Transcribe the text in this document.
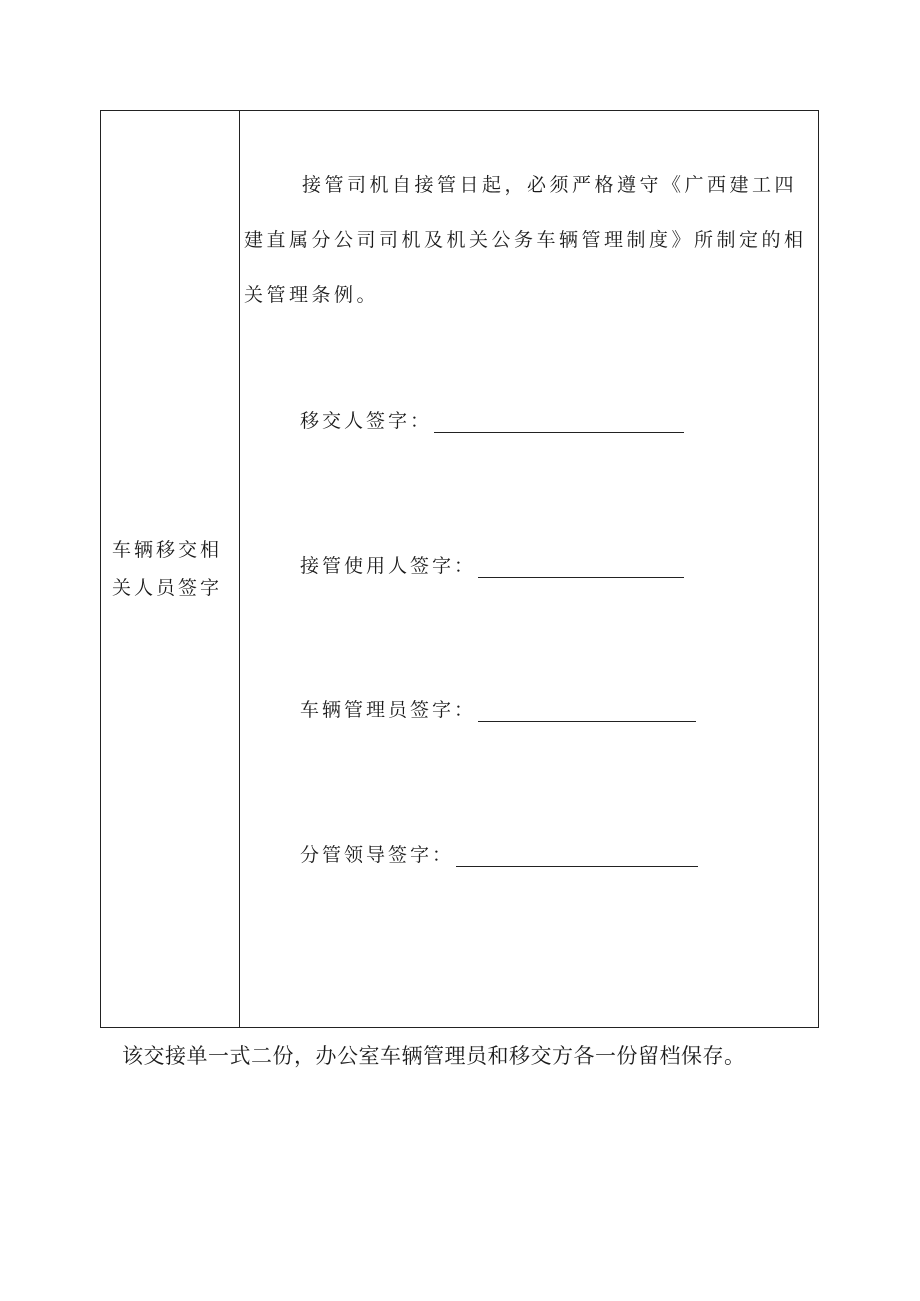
车辆移交相关人员签字

接管司机自接管日起，必须严格遵守《广西建工四建直属分公司司机及机关公务车辆管理制度》所制定的相关管理条例。

移交人签字：
接管使用人签字：
车辆管理员签字：
分管领导签字：

该交接单一式二份，办公室车辆管理员和移交方各一份留档保存。
